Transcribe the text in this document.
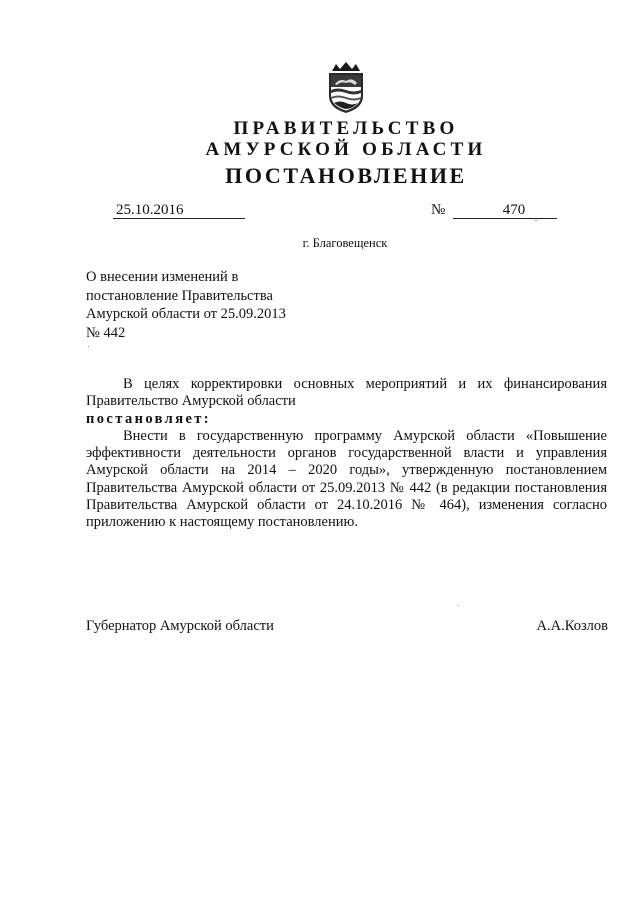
ПРАВИТЕЛЬСТВО
АМУРСКОЙ ОБЛАСТИ
ПОСТАНОВЛЕНИЕ
25.10.2016	№	470
г. Благовещенск
О внесении изменений в
постановление Правительства
Амурской области от 25.09.2013
№ 442
В целях корректировки основных мероприятий и их финансирования Правительство Амурской области
постановляет:
Внести в государственную программу Амурской области «Повышение эффективности деятельности органов государственной власти и управления Амурской области на 2014 – 2020 годы», утвержденную постановлением Правительства Амурской области от 25.09.2013 № 442 (в редакции постановления Правительства Амурской области от 24.10.2016 № 464), изменения согласно приложению к настоящему постановлению.
Губернатор Амурской области	А.А.Козлов
